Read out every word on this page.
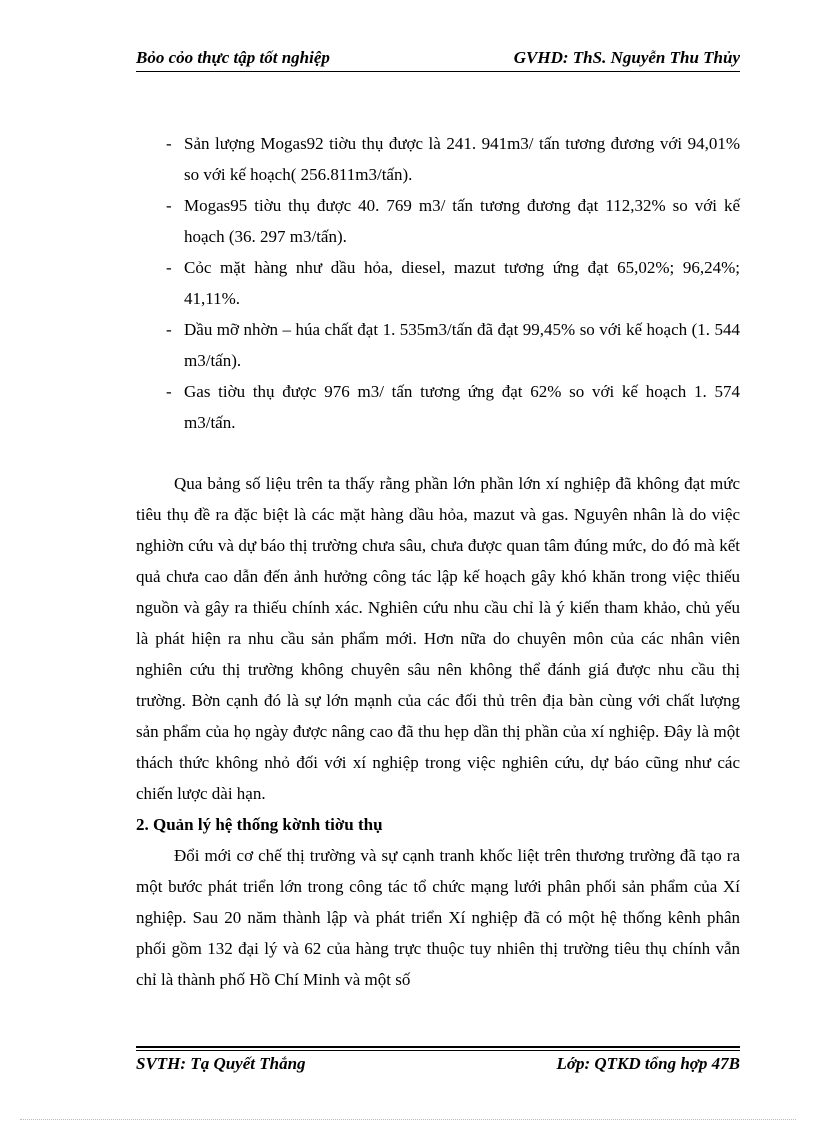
Bỏo cỏo thực tập tốt nghiệp	GVHD: ThS. Nguyễn Thu Thủy
- Sản lượng Mogas92 tiờu thụ được là 241. 941m3/ tấn tương đương với 94,01% so với kế hoạch( 256.811m3/tấn).
- Mogas95 tiờu thụ được 40. 769 m3/ tấn tương đương đạt 112,32% so với kế hoạch (36. 297 m3/tấn).
- Cỏc mặt hàng như dầu hỏa, diesel, mazut tương ứng đạt 65,02%; 96,24%; 41,11%.
- Dầu mỡ nhờn – húa chất đạt 1. 535m3/tấn đã đạt 99,45% so với kế hoạch (1. 544 m3/tấn).
- Gas tiờu thụ được 976 m3/ tấn tương ứng đạt 62% so với kế hoạch 1. 574 m3/tấn.

Qua bảng số liệu trên ta thấy rằng phần lớn phần lớn xí nghiệp đã không đạt mức tiêu thụ đề ra đặc biệt là các mặt hàng dầu hỏa, mazut và gas. Nguyên nhân là do việc nghiờn cứu và dự báo thị trường chưa sâu, chưa được quan tâm đúng mức, do đó mà kết quả chưa cao dẫn đến ảnh hưởng công tác lập kế hoạch gây khó khăn trong việc thiếu nguồn và gây ra thiếu chính xác. Nghiên cứu nhu cầu chỉ là ý kiến tham khảo, chủ yếu là phát hiện ra nhu cầu sản phẩm mới. Hơn nữa do chuyên môn của các nhân viên nghiên cứu thị trường không chuyên sâu nên không thể đánh giá được nhu cầu thị trường. Bờn cạnh đó là sự lớn mạnh của các đối thủ trên địa bàn cùng với chất lượng sản phẩm của họ ngày được nâng cao đã thu hẹp dần thị phần của xí nghiệp. Đây là một thách thức không nhỏ đối với xí nghiệp trong việc nghiên cứu, dự báo cũng như các chiến lược dài hạn.

2. Quản lý hệ thống kờnh tiờu thụ

Đổi mới cơ chế thị trường và sự cạnh tranh khốc liệt trên thương trường đã tạo ra một bước phát triển lớn trong công tác tổ chức mạng lưới phân phối sản phẩm của Xí nghiệp. Sau 20 năm thành lập và phát triển Xí nghiệp đã có một hệ thống kênh phân phối gồm 132 đại lý và 62 của hàng trực thuộc tuy nhiên thị trường tiêu thụ chính vẫn chỉ là thành phố Hồ Chí Minh và một số

SVTH: Tạ Quyết Thắng	Lớp: QTKD tổng hợp 47B
